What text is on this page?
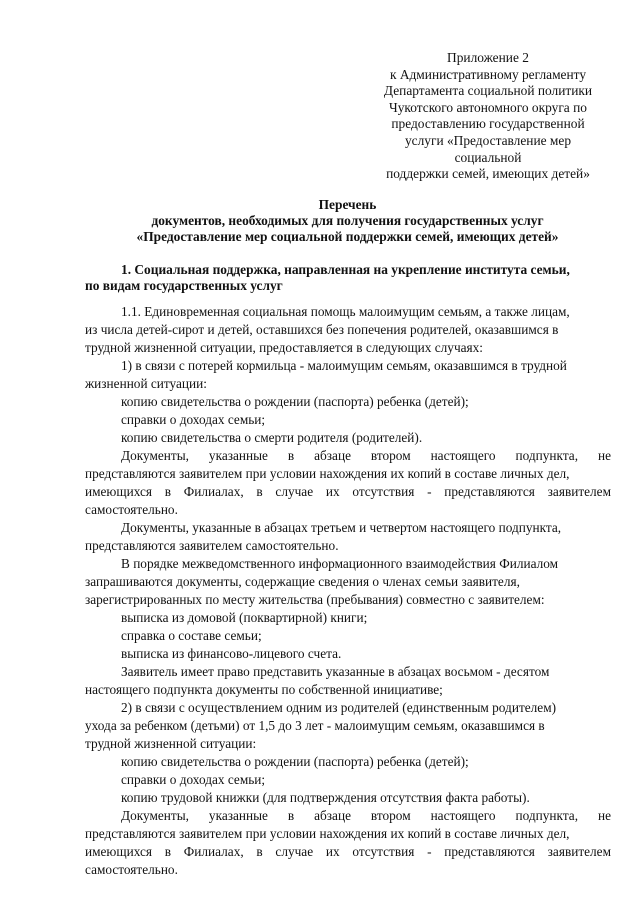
Приложение 2
к Административному регламенту
Департамента социальной политики
Чукотского автономного округа по
предоставлению государственной
услуги «Предоставление мер
социальной
поддержки семей, имеющих детей»
Перечень
документов, необходимых для получения государственных услуг
«Предоставление мер социальной поддержки семей, имеющих детей»
1. Социальная поддержка, направленная на укрепление института семьи,
по видам государственных услуг
1.1. Единовременная социальная помощь малоимущим семьям, а также лицам,
из числа детей-сирот и детей, оставшихся без попечения родителей, оказавшимся в
трудной жизненной ситуации, предоставляется в следующих случаях:
1) в связи с потерей кормильца - малоимущим семьям, оказавшимся в трудной
жизненной ситуации:
копию свидетельства о рождении (паспорта) ребенка (детей);
справки о доходах семьи;
копию свидетельства о смерти родителя (родителей).
Документы, указанные в абзаце втором настоящего подпункта, не
представляются заявителем при условии нахождения их копий в составе личных дел,
имеющихся в Филиалах, в случае их отсутствия - представляются заявителем
самостоятельно.
Документы, указанные в абзацах третьем и четвертом настоящего подпункта,
представляются заявителем самостоятельно.
В порядке межведомственного информационного взаимодействия Филиалом
запрашиваются документы, содержащие сведения о членах семьи заявителя,
зарегистрированных по месту жительства (пребывания) совместно с заявителем:
выписка из домовой (поквартирной) книги;
справка о составе семьи;
выписка из финансово-лицевого счета.
Заявитель имеет право представить указанные в абзацах восьмом - десятом
настоящего подпункта документы по собственной инициативе;
2) в связи с осуществлением одним из родителей (единственным родителем)
ухода за ребенком (детьми) от 1,5 до 3 лет - малоимущим семьям, оказавшимся в
трудной жизненной ситуации:
копию свидетельства о рождении (паспорта) ребенка (детей);
справки о доходах семьи;
копию трудовой книжки (для подтверждения отсутствия факта работы).
Документы, указанные в абзаце втором настоящего подпункта, не
представляются заявителем при условии нахождения их копий в составе личных дел,
имеющихся в Филиалах, в случае их отсутствия - представляются заявителем
самостоятельно.
